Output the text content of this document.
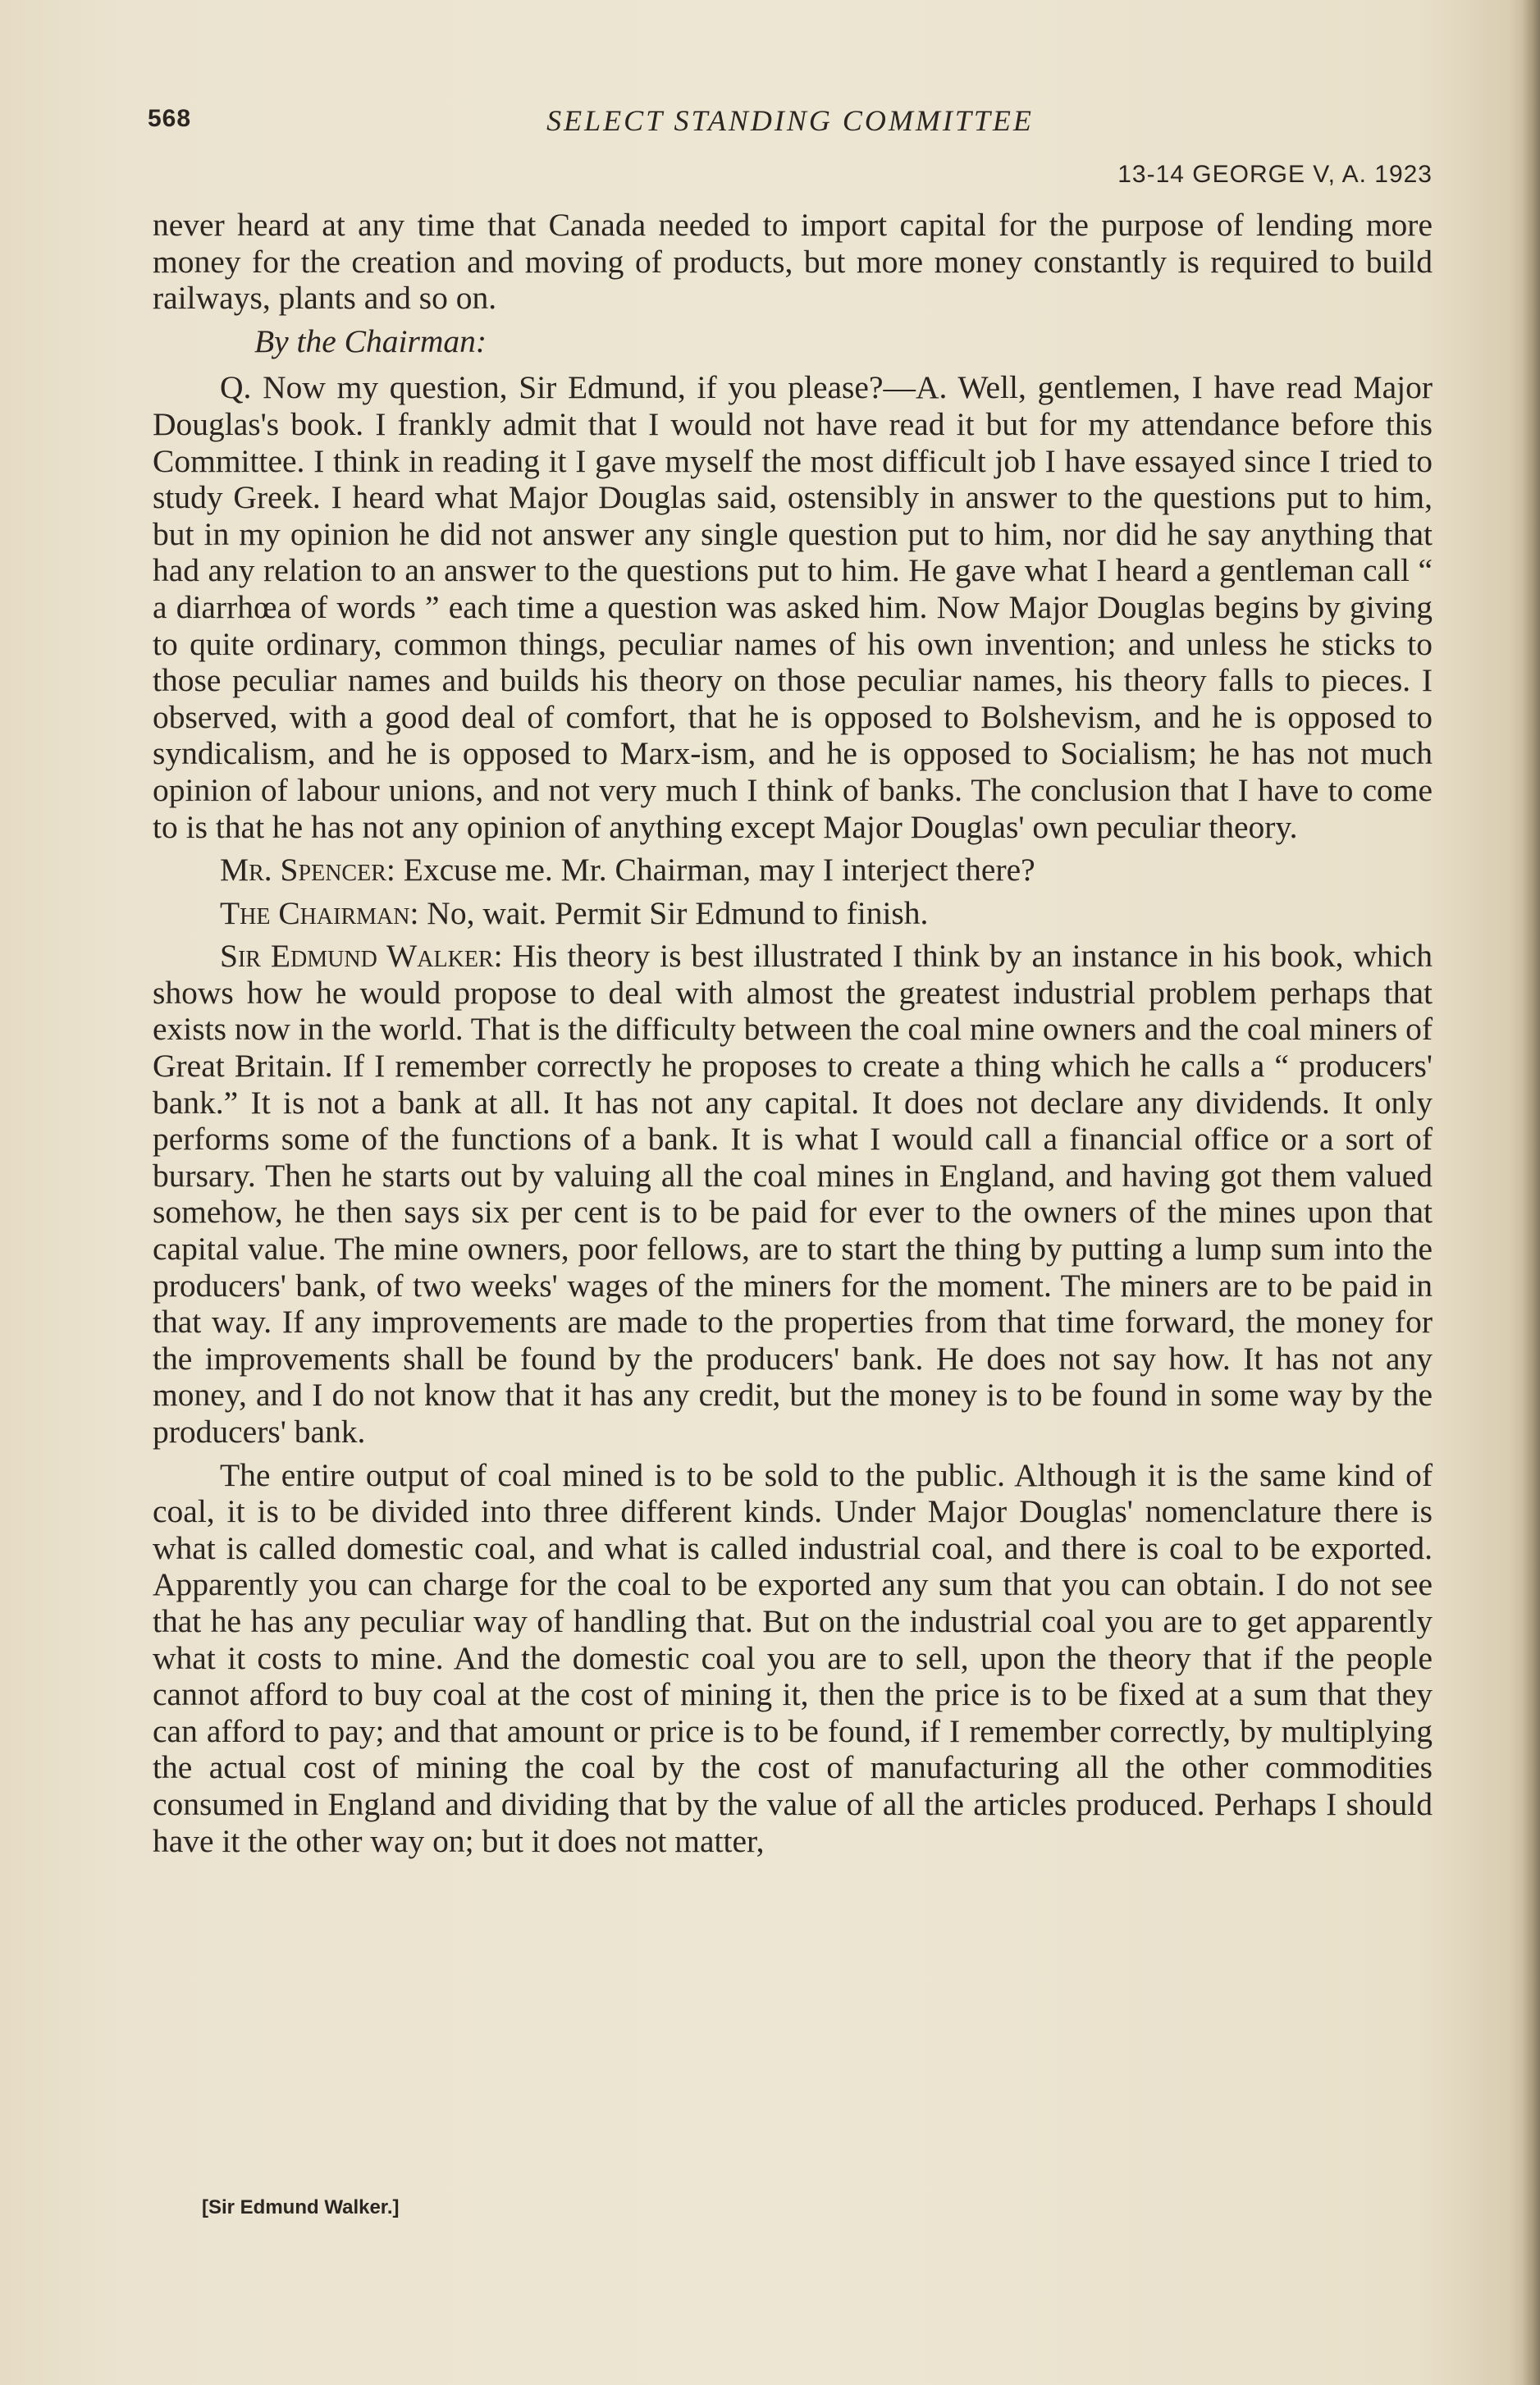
568	SELECT STANDING COMMITTEE
13-14 GEORGE V, A. 1923

never heard at any time that Canada needed to import capital for the purpose of lending more money for the creation and moving of products, but more money constantly is required to build railways, plants and so on.

By the Chairman:

Q. Now my question, Sir Edmund, if you please?—A. Well, gentlemen, I have read Major Douglas's book. I frankly admit that I would not have read it but for my attendance before this Committee. I think in reading it I gave myself the most difficult job I have essayed since I tried to study Greek. I heard what Major Douglas said, ostensibly in answer to the questions put to him, but in my opinion he did not answer any single question put to him, nor did he say anything that had any relation to an answer to the questions put to him. He gave what I heard a gentleman call “ a diarrhœa of words ” each time a question was asked him. Now Major Douglas begins by giving to quite ordinary, common things, peculiar names of his own invention; and unless he sticks to those peculiar names and builds his theory on those peculiar names, his theory falls to pieces. I observed, with a good deal of comfort, that he is opposed to Bolshevism, and he is opposed to syndicalism, and he is opposed to Marx-ism, and he is opposed to Socialism; he has not much opinion of labour unions, and not very much I think of banks. The conclusion that I have to come to is that he has not any opinion of anything except Major Douglas' own peculiar theory.

Mr. Spencer: Excuse me. Mr. Chairman, may I interject there?

The Chairman: No, wait. Permit Sir Edmund to finish.

Sir Edmund Walker: His theory is best illustrated I think by an instance in his book, which shows how he would propose to deal with almost the greatest industrial problem perhaps that exists now in the world. That is the difficulty between the coal mine owners and the coal miners of Great Britain. If I remember correctly he proposes to create a thing which he calls a “ producers' bank.” It is not a bank at all. It has not any capital. It does not declare any dividends. It only performs some of the functions of a bank. It is what I would call a financial office or a sort of bursary. Then he starts out by valuing all the coal mines in England, and having got them valued somehow, he then says six per cent is to be paid for ever to the owners of the mines upon that capital value. The mine owners, poor fellows, are to start the thing by putting a lump sum into the producers' bank, of two weeks' wages of the miners for the moment. The miners are to be paid in that way. If any improvements are made to the properties from that time forward, the money for the improvements shall be found by the producers' bank. He does not say how. It has not any money, and I do not know that it has any credit, but the money is to be found in some way by the producers' bank.

The entire output of coal mined is to be sold to the public. Although it is the same kind of coal, it is to be divided into three different kinds. Under Major Douglas' nomenclature there is what is called domestic coal, and what is called industrial coal, and there is coal to be exported. Apparently you can charge for the coal to be exported any sum that you can obtain. I do not see that he has any peculiar way of handling that. But on the industrial coal you are to get apparently what it costs to mine. And the domestic coal you are to sell, upon the theory that if the people cannot afford to buy coal at the cost of mining it, then the price is to be fixed at a sum that they can afford to pay; and that amount or price is to be found, if I remember correctly, by multiplying the actual cost of mining the coal by the cost of manufacturing all the other commodities consumed in England and dividing that by the value of all the articles produced. Perhaps I should have it the other way on; but it does not matter,

[Sir Edmund Walker.]
